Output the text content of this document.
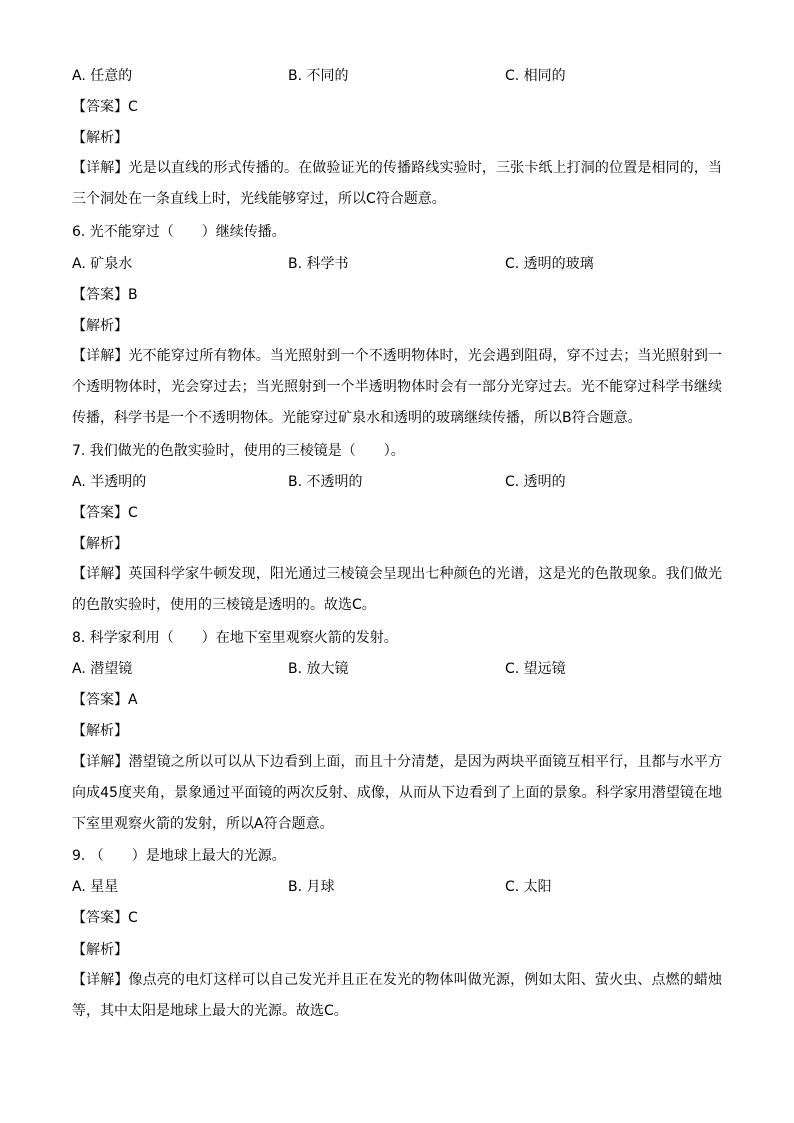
A. 任意的	B. 不同的	C. 相同的
【答案】C
【解析】
【详解】光是以直线的形式传播的。在做验证光的传播路线实验时，三张卡纸上打洞的位置是相同的，当三个洞处在一条直线上时，光线能够穿过，所以C符合题意。
6. 光不能穿过（　　）继续传播。
A. 矿泉水	B. 科学书	C. 透明的玻璃
【答案】B
【解析】
【详解】光不能穿过所有物体。当光照射到一个不透明物体时，光会遇到阻碍，穿不过去；当光照射到一个透明物体时，光会穿过去；当光照射到一个半透明物体时会有一部分光穿过去。光不能穿过科学书继续传播，科学书是一个不透明物体。光能穿过矿泉水和透明的玻璃继续传播，所以B符合题意。
7. 我们做光的色散实验时，使用的三棱镜是（　　）。
A. 半透明的	B. 不透明的	C. 透明的
【答案】C
【解析】
【详解】英国科学家牛顿发现，阳光通过三棱镜会呈现出七种颜色的光谱，这是光的色散现象。我们做光的色散实验时，使用的三棱镜是透明的。故选C。
8. 科学家利用（　　）在地下室里观察火箭的发射。
A. 潜望镜	B. 放大镜	C. 望远镜
【答案】A
【解析】
【详解】潜望镜之所以可以从下边看到上面，而且十分清楚，是因为两块平面镜互相平行，且都与水平方向成45度夹角，景象通过平面镜的两次反射、成像，从而从下边看到了上面的景象。科学家用潜望镜在地下室里观察火箭的发射，所以A符合题意。
9. （　　）是地球上最大的光源。
A. 星星	B. 月球	C. 太阳
【答案】C
【解析】
【详解】像点亮的电灯这样可以自己发光并且正在发光的物体叫做光源，例如太阳、萤火虫、点燃的蜡烛等，其中太阳是地球上最大的光源。故选C。
